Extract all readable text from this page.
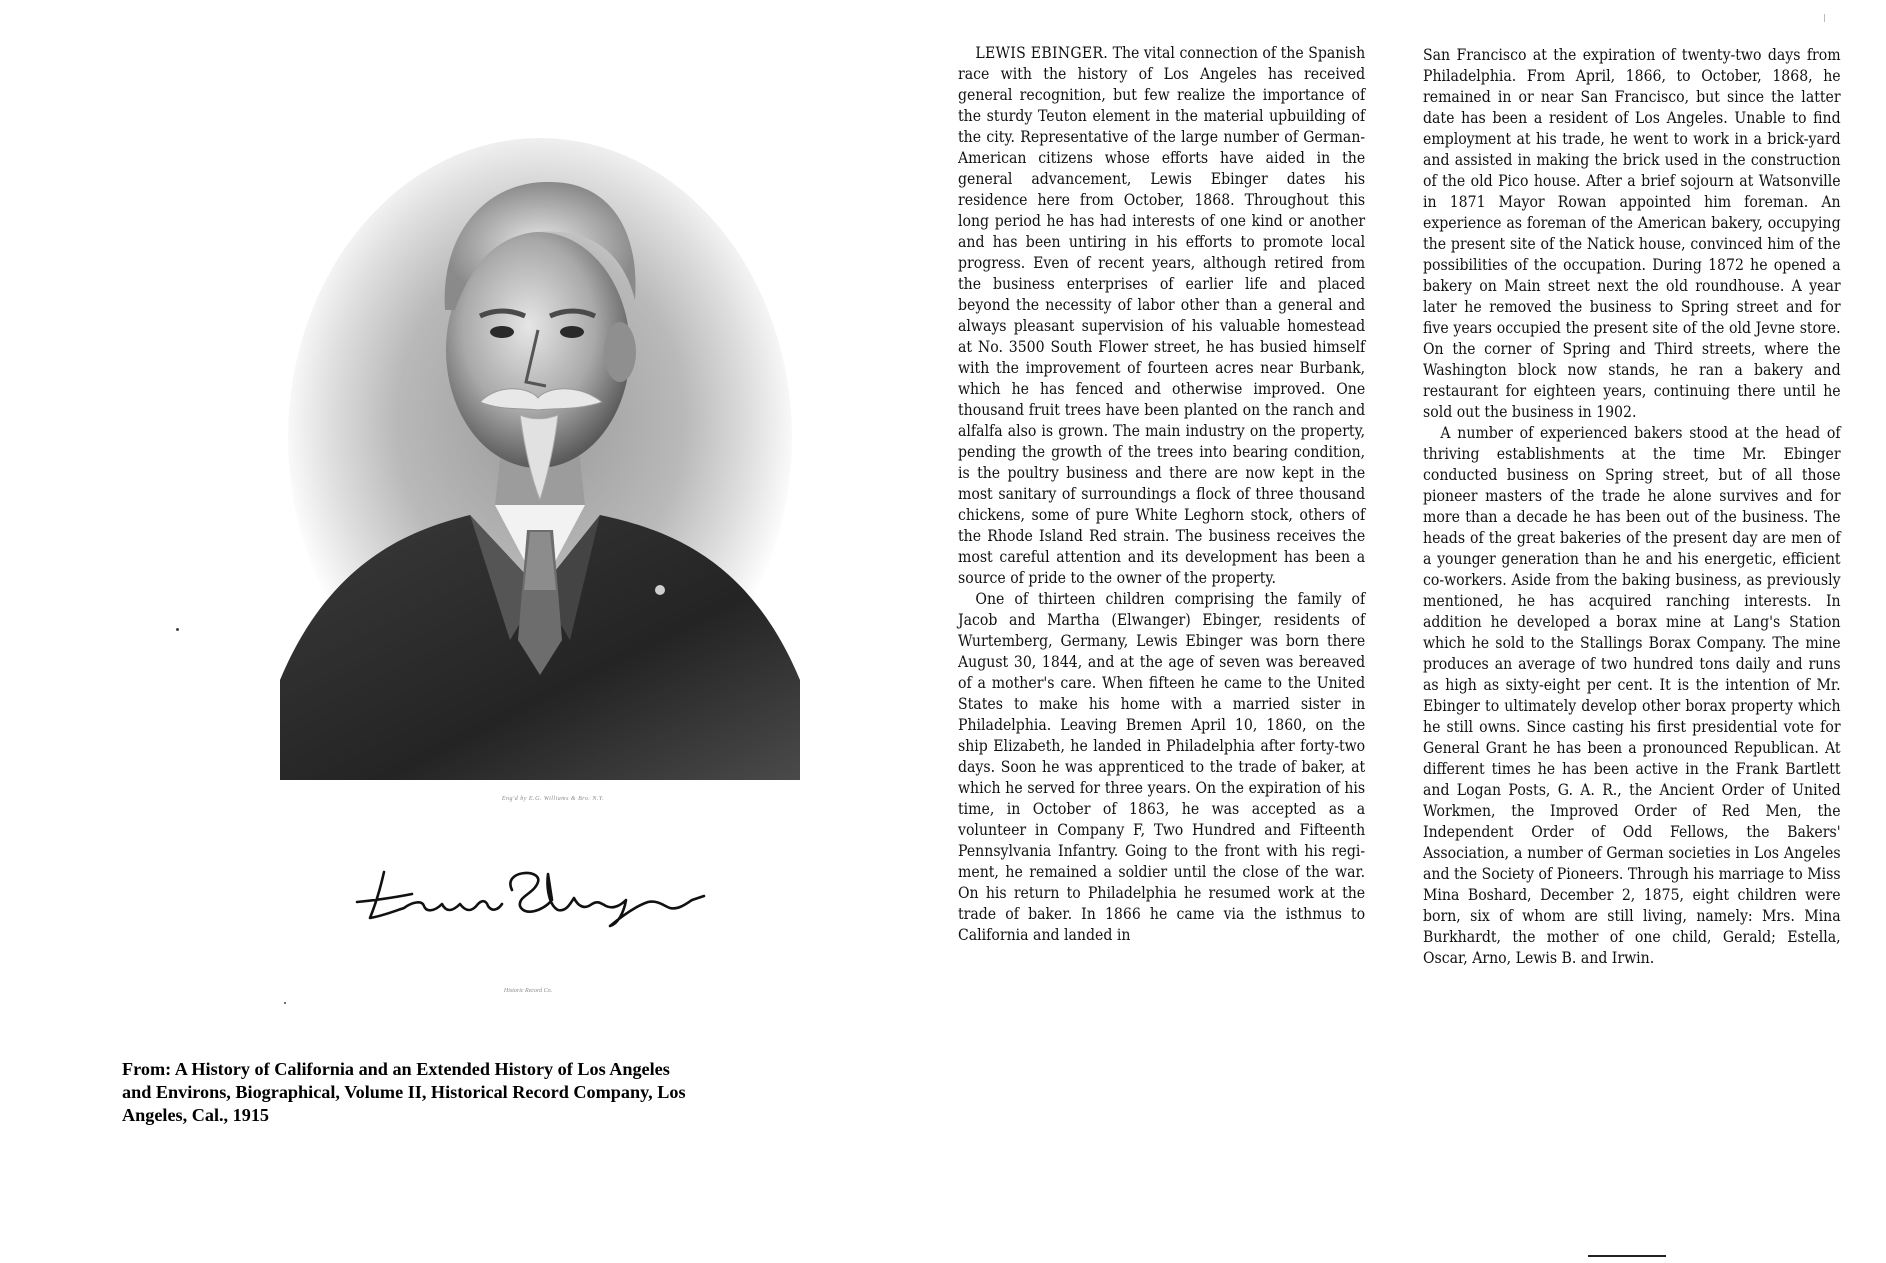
Eng'd by E.G. Williams & Bro. N.Y.
Historic Record Co.
From: A History of California and an Extended History of Los Angeles and Environs, Biographical, Volume II, Historical Record Company, Los Angeles, Cal., 1915

LEWIS EBINGER. The vital connection of the Spanish race with the history of Los Angeles has received general recognition, but few realize the importance of the sturdy Teuton element in the material upbuilding of the city. Representative of the large number of German-American citizens whose efforts have aided in the general advancement, Lewis Ebinger dates his residence here from October, 1868. Throughout this long period he has had interests of one kind or another and has been untiring in his efforts to promote local progress. Even of recent years, although retired from the business enterprises of earlier life and placed beyond the necessity of labor other than a general and always pleasant supervision of his valuable homestead at No. 3500 South Flower street, he has busied himself with the improvement of fourteen acres near Burbank, which he has fenced and otherwise improved. One thousand fruit trees have been planted on the ranch and alfalfa also is grown. The main industry on the property, pending the growth of the trees into bearing condition, is the poultry business and there are now kept in the most sanitary of surroundings a flock of three thousand chickens, some of pure White Leghorn stock, others of the Rhode Island Red strain. The business receives the most careful attention and its development has been a source of pride to the owner of the property.

One of thirteen children comprising the family of Jacob and Martha (Elwanger) Ebinger, residents of Wurtemberg, Germany, Lewis Ebinger was born there August 30, 1844, and at the age of seven was bereaved of a mother's care. When fifteen he came to the United States to make his home with a married sister in Philadelphia. Leaving Bremen April 10, 1860, on the ship Elizabeth, he landed in Philadelphia after forty-two days. Soon he was apprenticed to the trade of baker, at which he served for three years. On the expiration of his time, in October of 1863, he was accepted as a volunteer in Company F, Two Hundred and Fifteenth Pennsylvania Infantry. Going to the front with his regiment, he remained a soldier until the close of the war. On his return to Philadelphia he resumed work at the trade of baker. In 1866 he came via the isthmus to California and landed in

San Francisco at the expiration of twenty-two days from Philadelphia. From April, 1866, to October, 1868, he remained in or near San Francisco, but since the latter date has been a resident of Los Angeles. Unable to find employment at his trade, he went to work in a brick-yard and assisted in making the brick used in the construction of the old Pico house. After a brief sojourn at Watsonville in 1871 Mayor Rowan appointed him foreman. An experience as foreman of the American bakery, occupying the present site of the Natick house, convinced him of the possibilities of the occupation. During 1872 he opened a bakery on Main street next the old roundhouse. A year later he removed the business to Spring street and for five years occupied the present site of the old Jevne store. On the corner of Spring and Third streets, where the Washington block now stands, he ran a bakery and restaurant for eighteen years, continuing there until he sold out the business in 1902.

A number of experienced bakers stood at the head of thriving establishments at the time Mr. Ebinger conducted business on Spring street, but of all those pioneer masters of the trade he alone survives and for more than a decade he has been out of the business. The heads of the great bakeries of the present day are men of a younger generation than he and his energetic, efficient co-workers. Aside from the baking business, as previously mentioned, he has acquired ranching interests. In addition he developed a borax mine at Lang's Station which he sold to the Stallings Borax Company. The mine produces an average of two hundred tons daily and runs as high as sixty-eight per cent. It is the intention of Mr. Ebinger to ultimately develop other borax property which he still owns. Since casting his first presidential vote for General Grant he has been a pronounced Republican. At different times he has been active in the Frank Bartlett and Logan Posts, G. A. R., the Ancient Order of United Workmen, the Improved Order of Red Men, the Independent Order of Odd Fellows, the Bakers' Association, a number of German societies in Los Angeles and the Society of Pioneers. Through his marriage to Miss Mina Boshard, December 2, 1875, eight children were born, six of whom are still living, namely: Mrs. Mina Burkhardt, the mother of one child, Gerald; Estella, Oscar, Arno, Lewis B. and Irwin.
